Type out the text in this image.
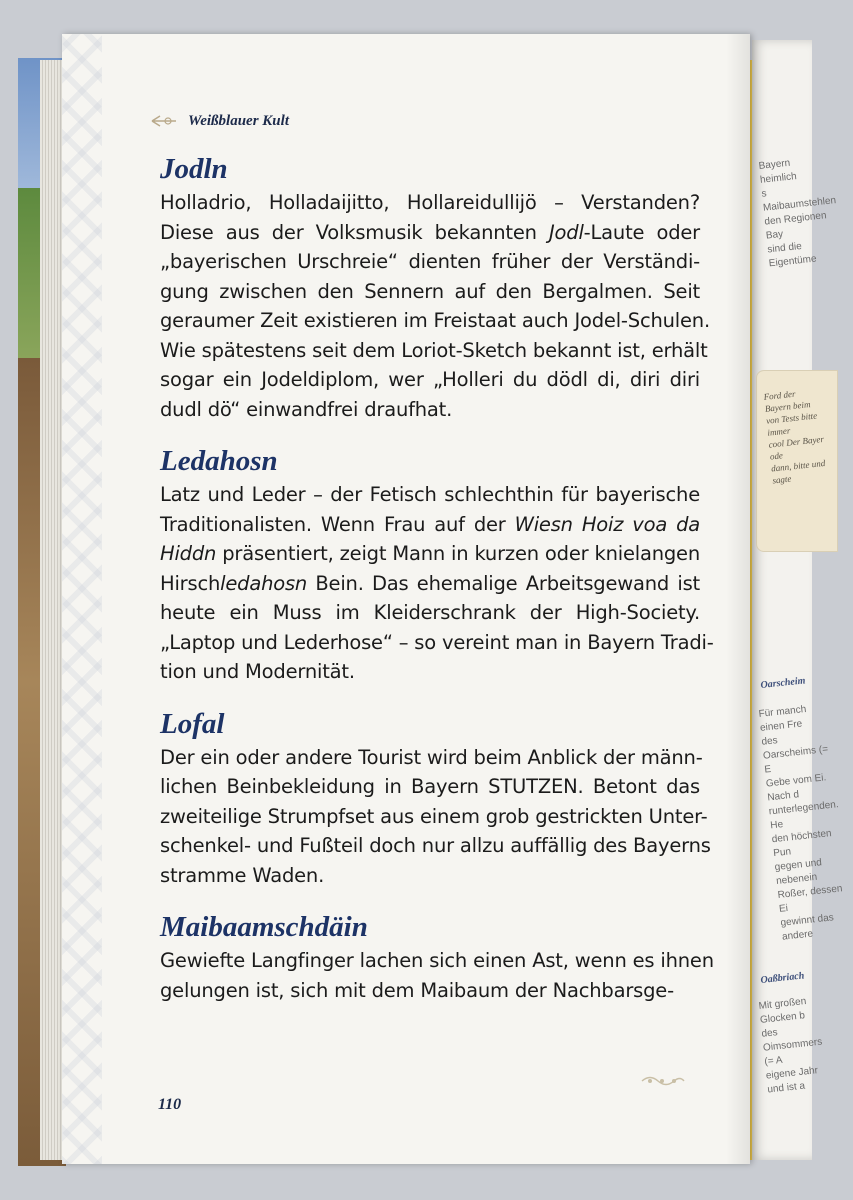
Bayern heimlich
s Maibaumstehlen
den Regionen Bay
sind die Eigentüme
Ford der Bayern beim
von Tests bitte immer
cool Der Bayer ode
dann, bitte und sagte
Oarscheim
Für manch einen Fre
des Oarscheims (= E
Gebe vom Ei. Nach d
runterlegenden. He
den höchsten Pun
gegen und nebenein
Roßer, dessen Ei
gewinnt das andere
Oaßbriach
Mit großen Glocken b
des Oimsommers (= A
eigene Jahr und ist a
Weißblauer Kult
Jodln

Holladrio, Holladaijitto, Hollareidullijö – Verstanden?
Diese aus der Volksmusik bekannten Jodl-Laute oder
„bayerischen Urschreie“ dienten früher der Verständi-
gung zwischen den Sennern auf den Bergalmen. Seit
geraumer Zeit existieren im Freistaat auch Jodel-Schulen.
Wie spätestens seit dem Loriot-Sketch bekannt ist, erhält
sogar ein Jodeldiplom, wer „Holleri du dödl di, diri diri
dudl dö“ einwandfrei draufhat.

Ledahosn

Latz und Leder – der Fetisch schlechthin für bayerische
Traditionalisten. Wenn Frau auf der Wiesn Hoiz voa da
Hiddn präsentiert, zeigt Mann in kurzen oder knielangen
Hirschledahosn Bein. Das ehemalige Arbeitsgewand ist
heute ein Muss im Kleiderschrank der High-Society.
„Laptop und Lederhose“ – so vereint man in Bayern Tradi-
tion und Modernität.

Lofal

Der ein oder andere Tourist wird beim Anblick der männ-
lichen Beinbekleidung in Bayern STUTZEN. Betont das
zweiteilige Strumpfset aus einem grob gestrickten Unter-
schenkel- und Fußteil doch nur allzu auffällig des Bayerns
stramme Waden.

Maibaamschdäin

Gewiefte Langfinger lachen sich einen Ast, wenn es ihnen
gelungen ist, sich mit dem Maibaum der Nachbarsge-

110
